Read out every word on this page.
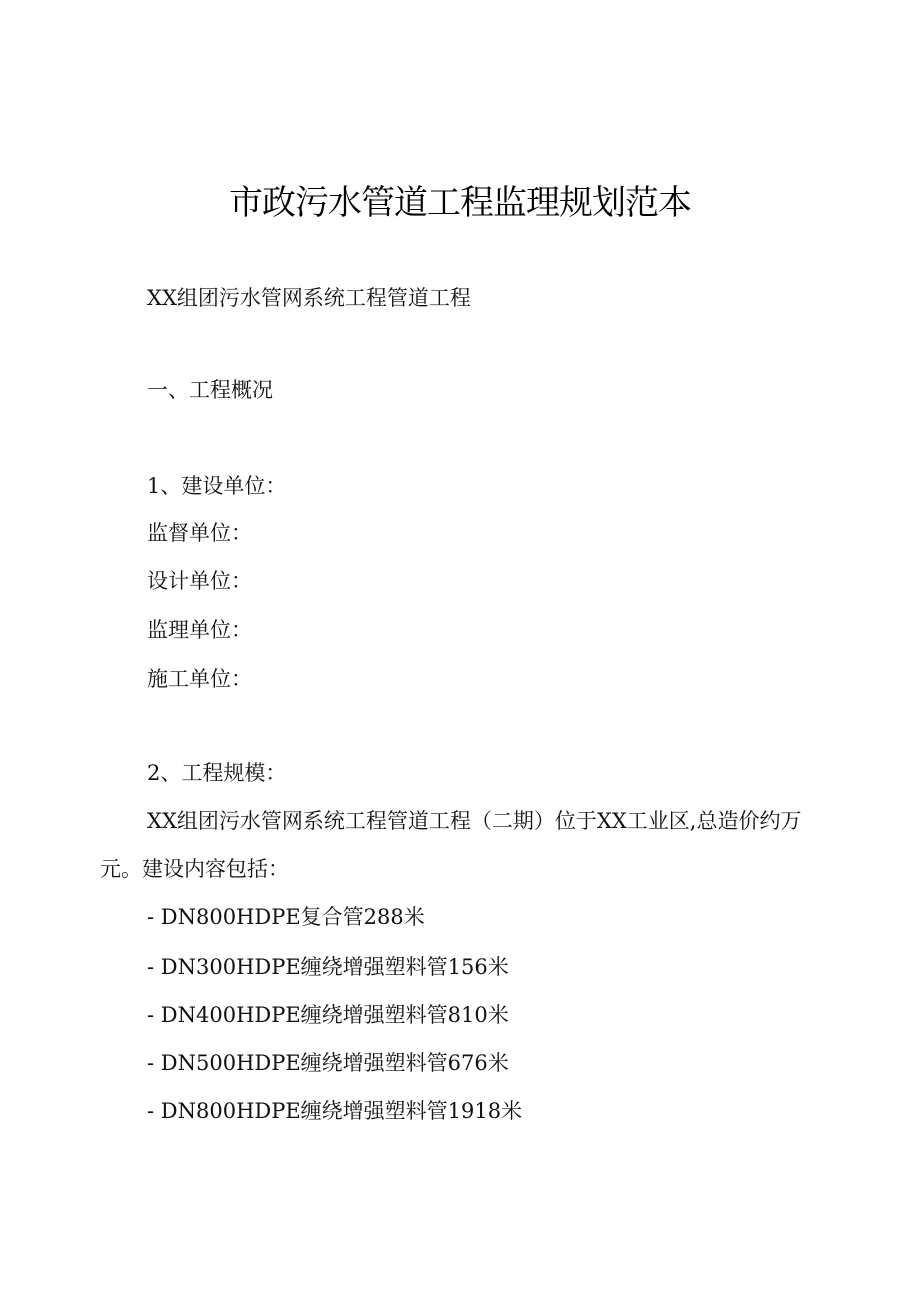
市政污水管道工程监理规划范本
XX组团污水管网系统工程管道工程
一、工程概况
1、建设单位：
监督单位：
设计单位：
监理单位：
施工单位：
2、工程规模：
XX组团污水管网系统工程管道工程（二期）位于XX工业区,总造价约万元。建设内容包括：
- DN800HDPE复合管288米
- DN300HDPE缠绕增强塑料管156米
- DN400HDPE缠绕增强塑料管810米
- DN500HDPE缠绕增强塑料管676米
- DN800HDPE缠绕增强塑料管1918米
